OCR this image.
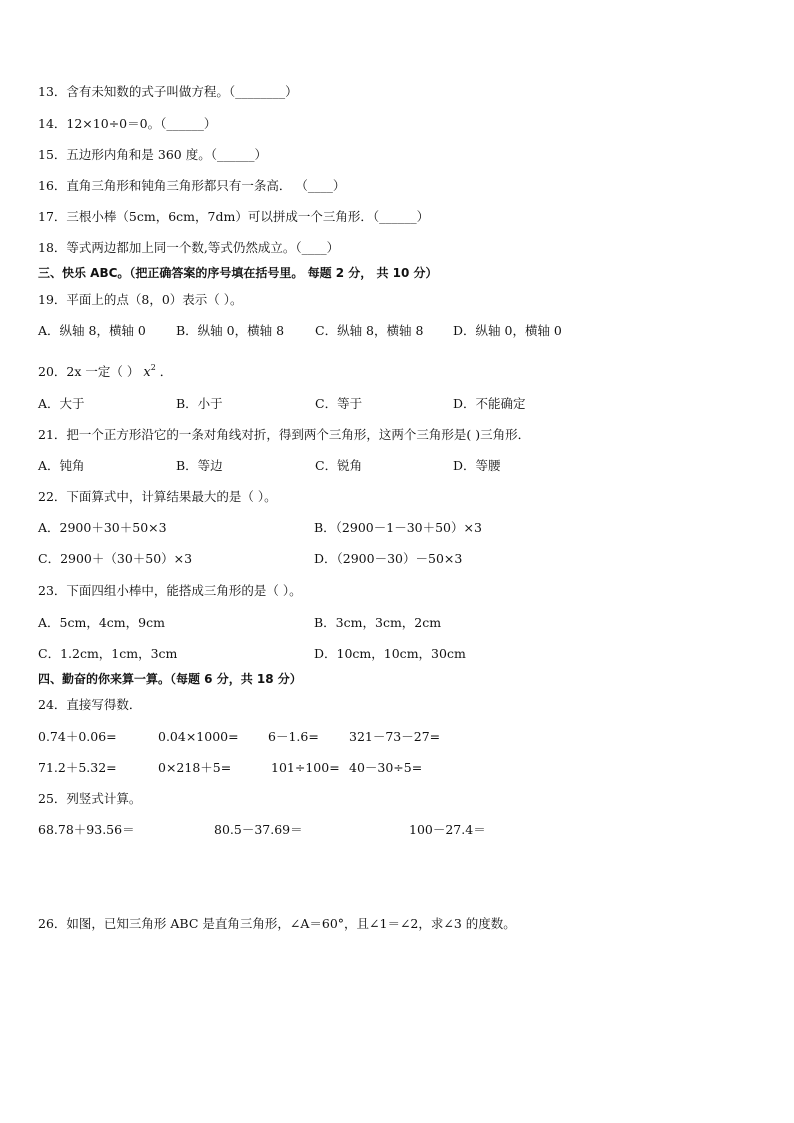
13．含有未知数的式子叫做方程。（________）
14．12×10÷0＝0。（______）
15．五边形内角和是 360 度。（______）
16．直角三角形和钝角三角形都只有一条高． （____）
17．三根小棒（5cm，6cm，7dm）可以拼成一个三角形．（______）
18．等式两边都加上同一个数,等式仍然成立。（____）
三、快乐 ABC。（把正确答案的序号填在括号里。 每题 2 分， 共 10 分）
19．平面上的点（8，0）表示（ ）。
A．纵轴 8，横轴 0 B．纵轴 0，横轴 8 C．纵轴 8，横轴 8 D．纵轴 0，横轴 0
20．2x 一定（ ） $x^2$ ．
A．大于	B．小于	C．等于	D．不能确定
21．把一个正方形沿它的一条对角线对折，得到两个三角形，这两个三角形是( )三角形．
A．钝角	B．等边	C．锐角	D．等腰
22．下面算式中，计算结果最大的是（ ）。
A．2900＋30＋50×3	B．（2900－1－30＋50）×3
C．2900＋（30＋50）×3	D．（2900－30）－50×3
23．下面四组小棒中，能搭成三角形的是（ ）。
A．5cm，4cm，9cm	B．3cm，3cm，2cm
C．1.2cm，1cm，3cm	D．10cm，10cm，30cm
四、勤奋的你来算一算。（每题 6 分，共 18 分）
24．直接写得数．
0.74＋0.06=	0.04×1000= 6－1.6= 321－73－27=
71.2＋5.32=	0×218＋5=	101÷100= 40－30÷5=
25．列竖式计算。
68.78＋93.56＝	80.5－37.69＝	100－27.4＝
26．如图，已知三角形 ABC 是直角三角形，∠A＝60°，且∠1＝∠2，求∠3 的度数。
